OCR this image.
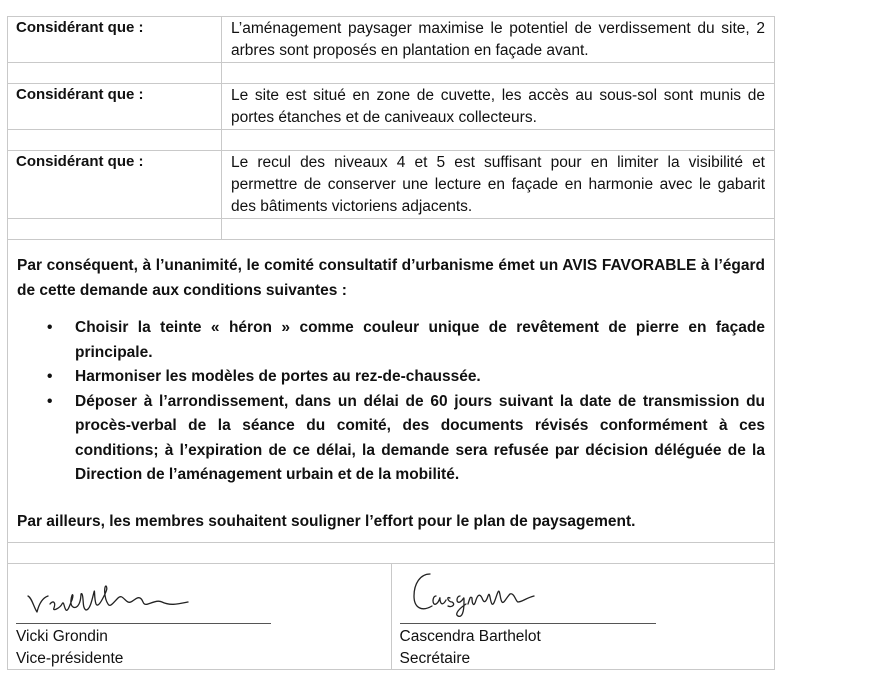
Considérant que :	L’aménagement paysager maximise le potentiel de verdissement du site, 2 arbres sont proposés en plantation en façade avant.

Considérant que :	Le site est situé en zone de cuvette, les accès au sous-sol sont munis de portes étanches et de caniveaux collecteurs.

Considérant que :	Le recul des niveaux 4 et 5 est suffisant pour en limiter la visibilité et permettre de conserver une lecture en façade en harmonie avec le gabarit des bâtiments victoriens adjacents.

Par conséquent, à l’unanimité, le comité consultatif d’urbanisme émet un AVIS FAVORABLE à l’égard de cette demande aux conditions suivantes :

• Choisir la teinte « héron » comme couleur unique de revêtement de pierre en façade principale.
• Harmoniser les modèles de portes au rez-de-chaussée.
• Déposer à l’arrondissement, dans un délai de 60 jours suivant la date de transmission du procès-verbal de la séance du comité, des documents révisés conformément à ces conditions; à l’expiration de ce délai, la demande sera refusée par décision déléguée de la Direction de l’aménagement urbain et de la mobilité.

Par ailleurs, les membres souhaitent souligner l’effort pour le plan de paysagement.

Vicki Grondin
Vice-présidente

Cascendra Barthelot
Secrétaire
